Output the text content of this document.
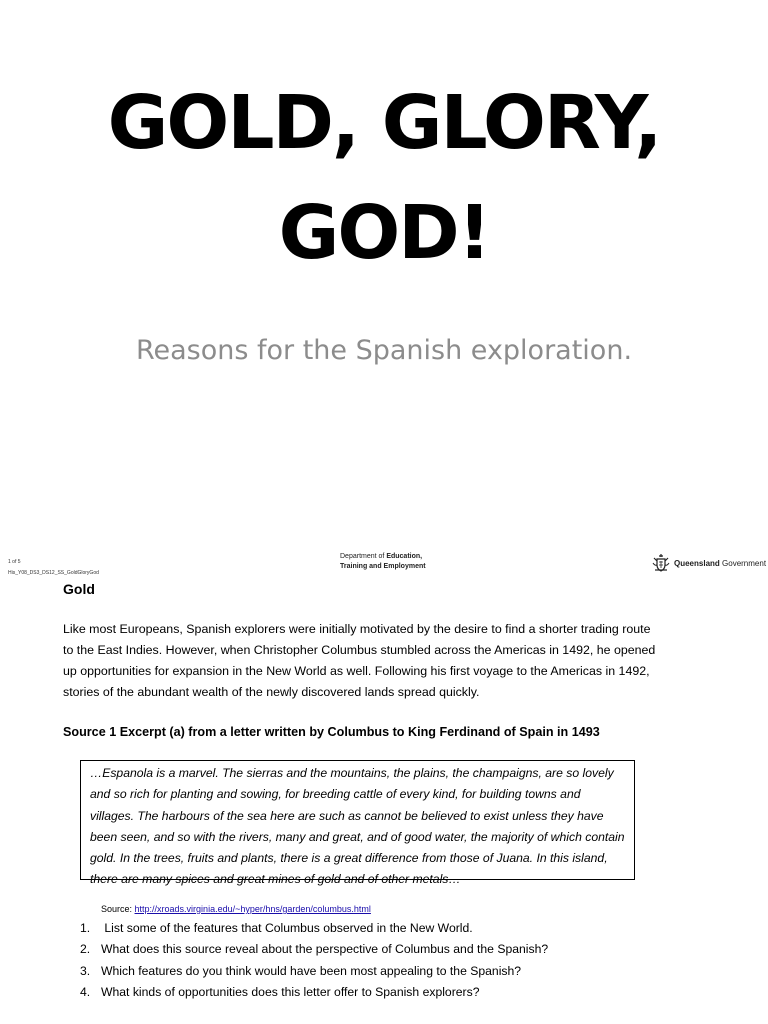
GOLD, GLORY,
GOD!
Reasons for the Spanish exploration.
1 of 5
His_Y08_DS3_DS12_SS_GoldGloryGod
Department of Education,
Training and Employment	Queensland Government
Gold
Like most Europeans, Spanish explorers were initially motivated by the desire to find a shorter trading route to the East Indies. However, when Christopher Columbus stumbled across the Americas in 1492, he opened up opportunities for expansion in the New World as well. Following his first voyage to the Americas in 1492, stories of the abundant wealth of the newly discovered lands spread quickly.
Source 1 Excerpt (a) from a letter written by Columbus to King Ferdinand of Spain in 1493
…Espanola is a marvel. The sierras and the mountains, the plains, the champaigns, are so lovely and so rich for planting and sowing, for breeding cattle of every kind, for building towns and villages. The harbours of the sea here are such as cannot be believed to exist unless they have been seen, and so with the rivers, many and great, and of good water, the majority of which contain gold. In the trees, fruits and plants, there is a great difference from those of Juana. In this island, there are many spices and great mines of gold and of other metals…
Source: http://xroads.virginia.edu/~hyper/hns/garden/columbus.html
1. List some of the features that Columbus observed in the New World.
2. What does this source reveal about the perspective of Columbus and the Spanish?
3. Which features do you think would have been most appealing to the Spanish?
4. What kinds of opportunities does this letter offer to Spanish explorers?
